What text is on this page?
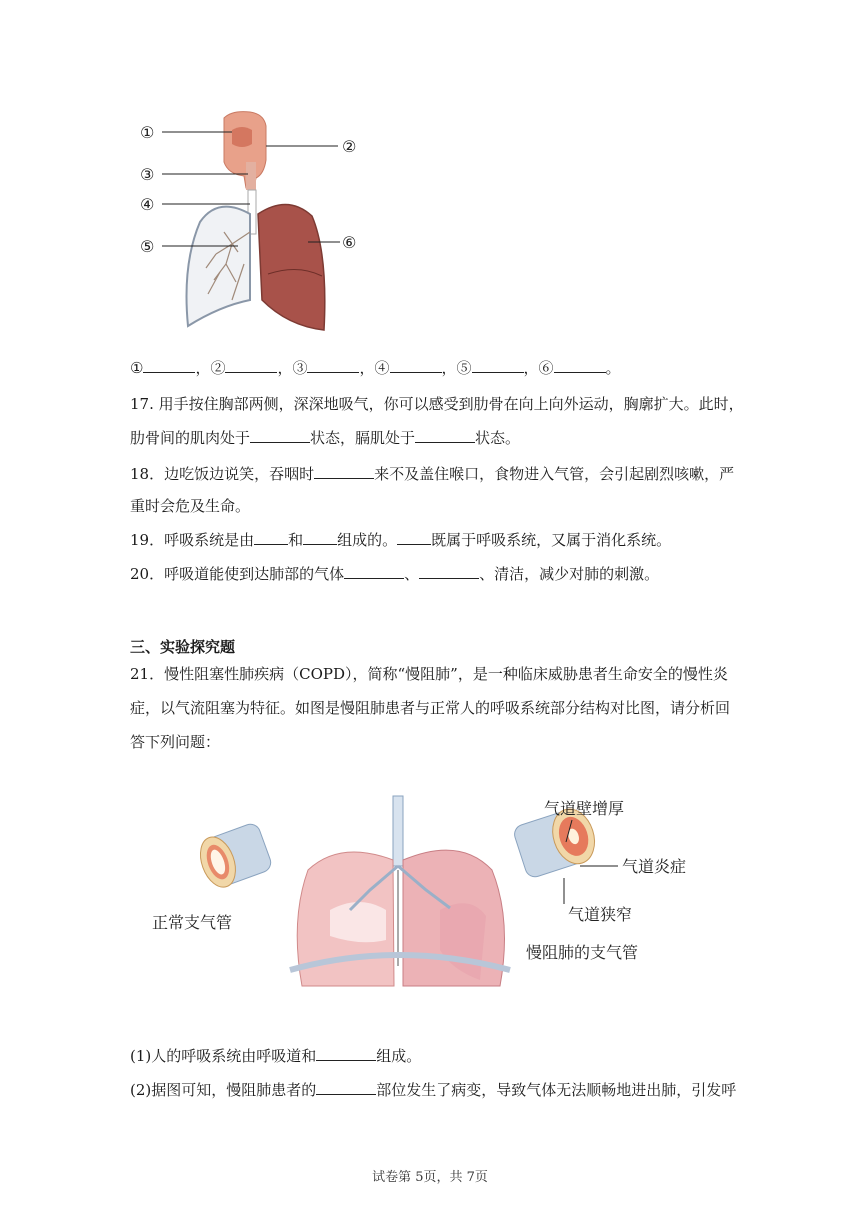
①
②
③
④
⑤	⑥
①	，②	，③	，④	，⑤	，⑥	。
17. 用手按住胸部两侧，深深地吸气，你可以感受到肋骨在向上向外运动，胸廓扩大。此时，
肋骨间的肌肉处于	状态，膈肌处于	状态。
18．边吃饭边说笑，吞咽时	来不及盖住喉口，食物进入气管，会引起剧烈咳嗽，严
重时会危及生命。
19．呼吸系统是由 和 组成的。 既属于呼吸系统，又属于消化系统。
20．呼吸道能使到达肺部的气体	、	、清洁，减少对肺的刺激。
三、实验探究题
21．慢性阻塞性肺疾病（COPD），简称“慢阻肺”，是一种临床威胁患者生命安全的慢性炎
症，以气流阻塞为特征。如图是慢阻肺患者与正常人的呼吸系统部分结构对比图，请分析回
答下列问题：
正常支气管
气道壁增厚
气道炎症
气道狭窄
慢阻肺的支气管
(1)人的呼吸系统由呼吸道和	组成。
(2)据图可知，慢阻肺患者的	部位发生了病变，导致气体无法顺畅地进出肺，引发呼
试卷第 5页，共 7页
